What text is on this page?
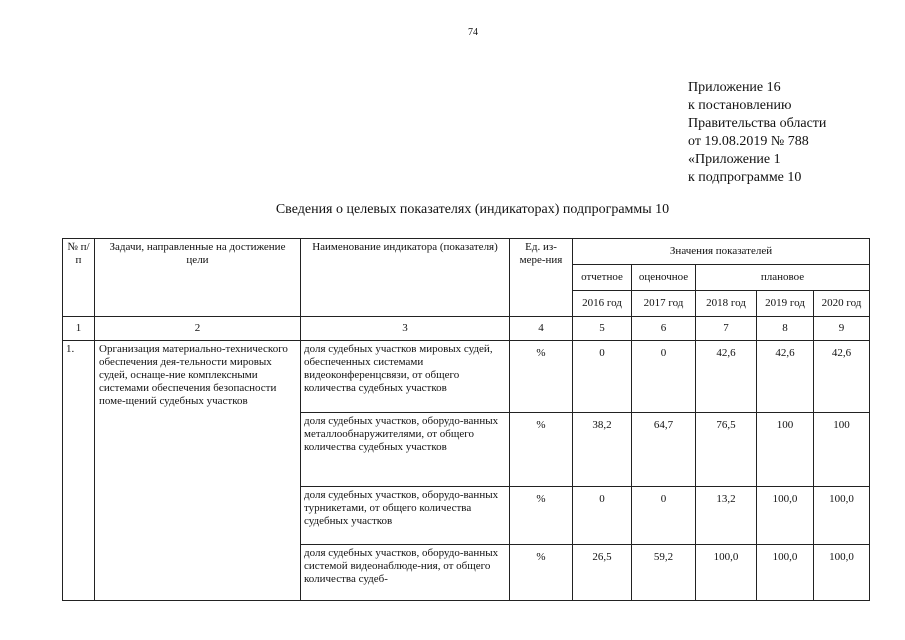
74
Приложение 16
к постановлению
Правительства области
от 19.08.2019 № 788
«Приложение 1
к подпрограмме 10
Сведения о целевых показателях (индикаторах) подпрограммы 10
№ п/п	Задачи, направленные на достижение цели	Наименование индикатора (показателя)	Ед. из-мере-ния	Значения показателей				
				отчетное	оценочное	плановое		
				2016 год	2017 год	2018 год	2019 год	2020 год
1	2	3	4	5	6	7	8	9
1.	Организация материально-технического обеспечения дея-тельности мировых судей, оснаще-ние комплексными системами обеспечения безопасности поме-щений судебных участков	доля судебных участков мировых судей, обеспеченных системами видеоконференцсвязи, от общего количества судебных участков	%	0	0	42,6	42,6	42,6
		доля судебных участков, оборудо-ванных металлообнаружителями, от общего количества судебных участков	%	38,2	64,7	76,5	100	100
		доля судебных участков, оборудо-ванных турникетами, от общего количества судебных участков	%	0	0	13,2	100,0	100,0
		доля судебных участков, оборудо-ванных системой видеонаблюде-ния, от общего количества судеб-	%	26,5	59,2	100,0	100,0	100,0
